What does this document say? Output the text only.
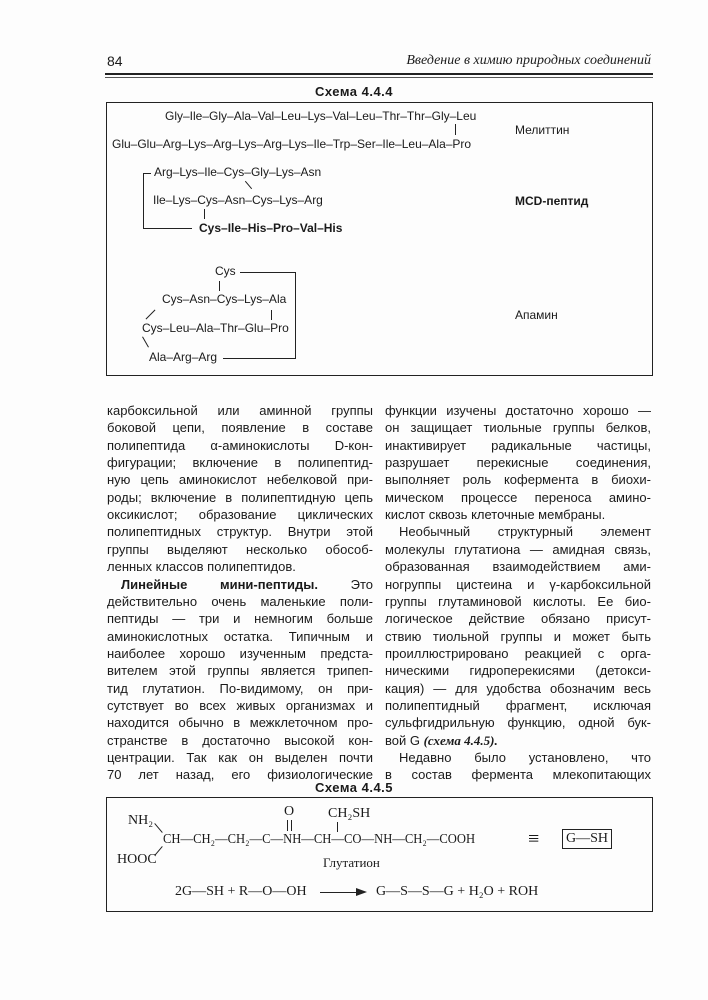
84	Введение в химию природных соединений
Схема 4.4.4
Gly–Ile–Gly–Ala–Val–Leu–Lys–Val–Leu–Thr–Thr–Gly–Leu
Glu–Glu–Arg–Lys–Arg–Lys–Arg–Lys–Ile–Trp–Ser–Ile–Leu–Ala–Pro
Мелиттин
Arg–Lys–Ile–Cys–Gly–Lys–Asn
Ile–Lys–Cys–Asn–Cys–Lys–Arg
Cys–Ile–His–Pro–Val–His
MCD-пептид
Cys
Cys–Asn–Cys–Lys–Ala
Cys–Leu–Ala–Thr–Glu–Pro
Ala–Arg–Arg
Апамин
Схема 4.4.5
NH₂
HOOC
CH—CH₂—CH₂—C—NH—CH—CO—NH—CH₂—COOH
O CH₂SH
≡ G—SH
Глутатион
2G—SH + R—O—OH	G—S—S—G + H₂O + ROH
карбоксильной или аминной группы
боковой цепи, появление в составе
полипептида α-аминокислоты D-кон-
фигурации; включение в полипептид-
ную цепь аминокислот небелковой при-
роды; включение в полипептидную цепь
оксикислот; образование циклических
полипептидных структур. Внутри этой
группы выделяют несколько обособ-
ленных классов полипептидов.
Линейные мини-пептиды. Это
действительно очень маленькие поли-
пептиды — три и немногим больше
аминокислотных остатка. Типичным и
наиболее хорошо изученным предста-
вителем этой группы является трипеп-
тид глутатион. По-видимому, он при-
сутствует во всех живых организмах и
находится обычно в межклеточном про-
странстве в достаточно высокой кон-
центрации. Так как он выделен почти
70 лет назад, его физиологические
функции изучены достаточно хорошо —
он защищает тиольные группы белков,
инактивирует радикальные частицы,
разрушает перекисные соединения,
выполняет роль кофермента в биохи-
мическом процессе переноса амино-
кислот сквозь клеточные мембраны.
Необычный структурный элемент
молекулы глутатиона — амидная связь,
образованная взаимодействием ами-
ногруппы цистеина и γ-карбоксильной
группы глутаминовой кислоты. Ее био-
логическое действие обязано присут-
ствию тиольной группы и может быть
проиллюстрировано реакцией с орга-
ническими гидроперекисями (детокси-
кация) — для удобства обозначим весь
полипептидный фрагмент, исключая
сульфгидрильную функцию, одной бук-
вой G (схема 4.4.5).
Недавно было установлено, что
в состав фермента млекопитающих
